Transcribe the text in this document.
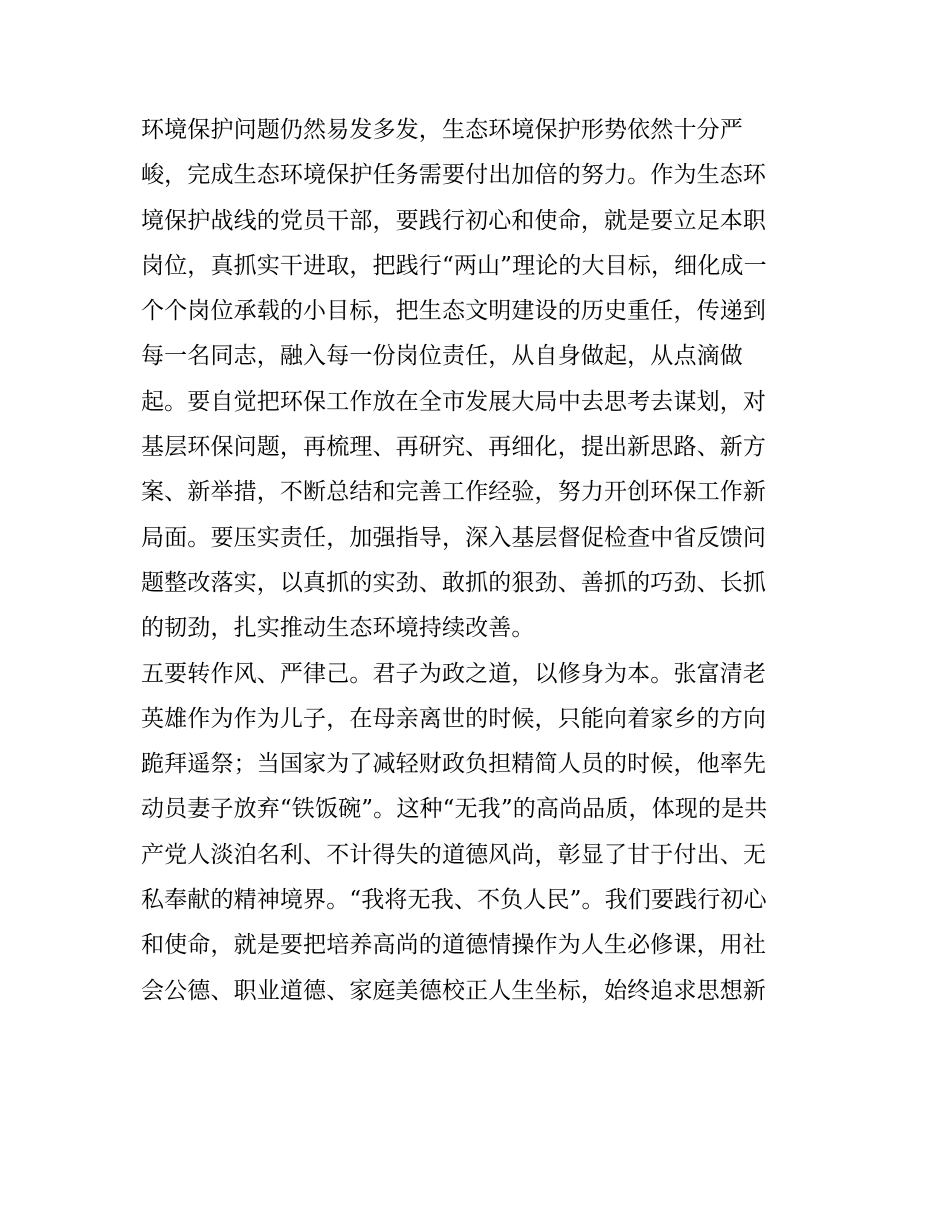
环境保护问题仍然易发多发，生态环境保护形势依然十分严
峻，完成生态环境保护任务需要付出加倍的努力。作为生态环
境保护战线的党员干部，要践行初心和使命，就是要立足本职
岗位，真抓实干进取，把践行“两山”理论的大目标，细化成一
个个岗位承载的小目标，把生态文明建设的历史重任，传递到
每一名同志，融入每一份岗位责任，从自身做起，从点滴做
起。要自觉把环保工作放在全市发展大局中去思考去谋划，对
基层环保问题，再梳理、再研究、再细化，提出新思路、新方
案、新举措，不断总结和完善工作经验，努力开创环保工作新
局面。要压实责任，加强指导，深入基层督促检查中省反馈问
题整改落实，以真抓的实劲、敢抓的狠劲、善抓的巧劲、长抓
的韧劲，扎实推动生态环境持续改善。
五要转作风、严律己。君子为政之道，以修身为本。张富清老
英雄作为作为儿子，在母亲离世的时候，只能向着家乡的方向
跪拜遥祭；当国家为了减轻财政负担精简人员的时候，他率先
动员妻子放弃“铁饭碗”。这种“无我”的高尚品质，体现的是共
产党人淡泊名利、不计得失的道德风尚，彰显了甘于付出、无
私奉献的精神境界。“我将无我、不负人民”。我们要践行初心
和使命，就是要把培养高尚的道德情操作为人生必修课，用社
会公德、职业道德、家庭美德校正人生坐标，始终追求思想新
